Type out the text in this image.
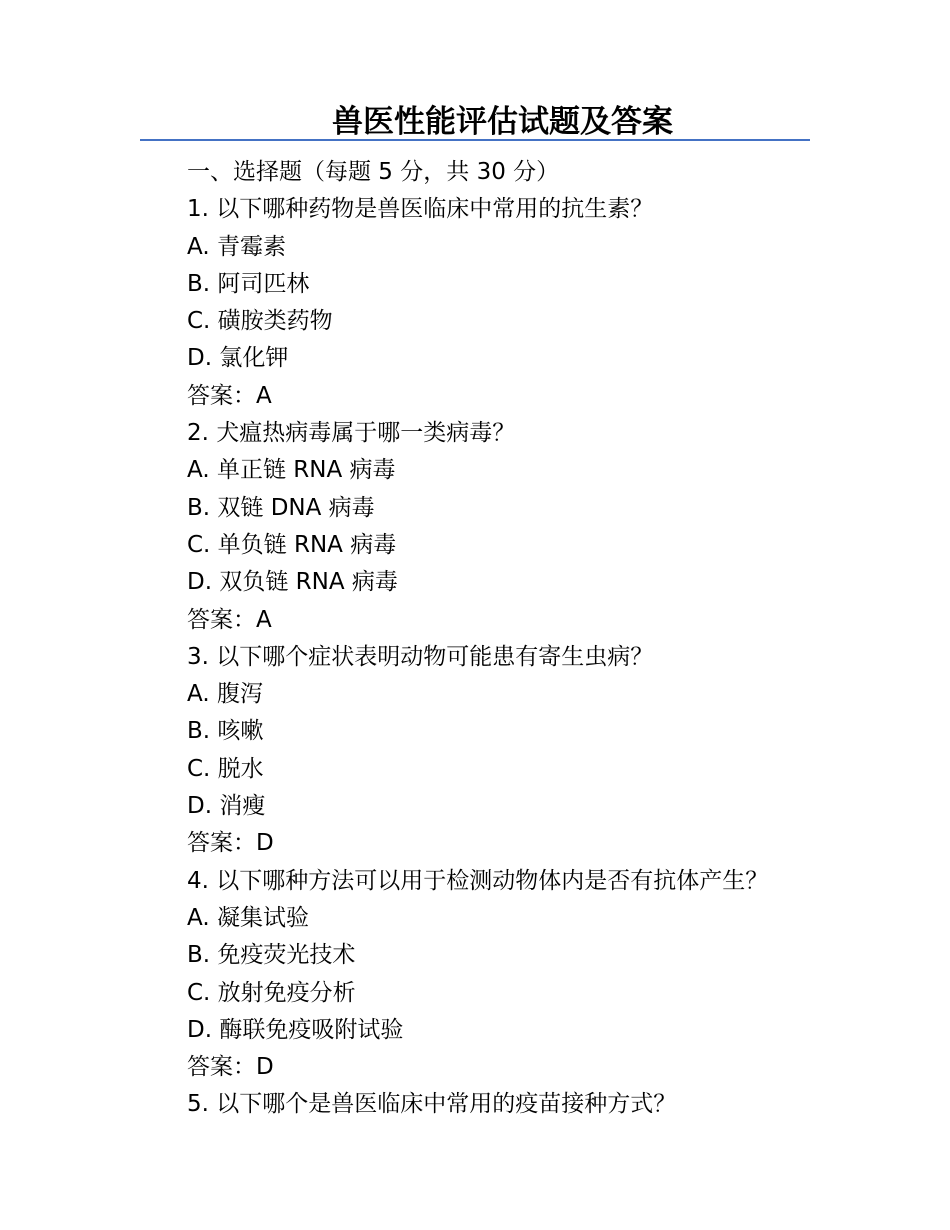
兽医性能评估试题及答案
一、选择题（每题 5 分，共 30 分）
1. 以下哪种药物是兽医临床中常用的抗生素？
A. 青霉素
B. 阿司匹林
C. 磺胺类药物
D. 氯化钾
答案：A
2. 犬瘟热病毒属于哪一类病毒？
A. 单正链 RNA 病毒
B. 双链 DNA 病毒
C. 单负链 RNA 病毒
D. 双负链 RNA 病毒
答案：A
3. 以下哪个症状表明动物可能患有寄生虫病？
A. 腹泻
B. 咳嗽
C. 脱水
D. 消瘦
答案：D
4. 以下哪种方法可以用于检测动物体内是否有抗体产生？
A. 凝集试验
B. 免疫荧光技术
C. 放射免疫分析
D. 酶联免疫吸附试验
答案：D
5. 以下哪个是兽医临床中常用的疫苗接种方式？
